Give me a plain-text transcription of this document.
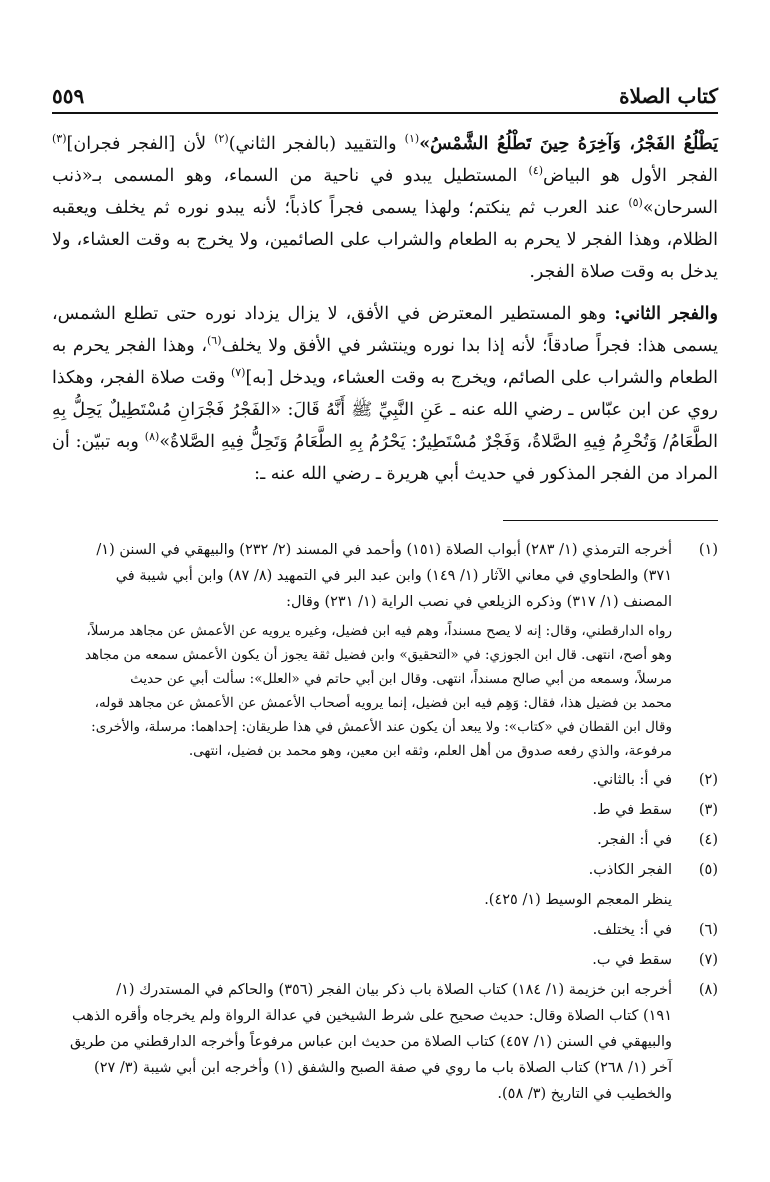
كتاب الصلاة
٥٥٩

يَطْلُعُ الفَجْرُ، وَآخِرَهُ حِينَ تَطْلُعُ الشَّمْسُ»$^{(١)}$ والتقييد (بالفجر الثاني)$^{(٢)}$ لأن [الفجر فجران]$^{(٣)}$ الفجر الأول هو البياض$^{(٤)}$ المستطيل يبدو في ناحية من السماء، وهو المسمى بـ«ذنب السرحان»$^{(٥)}$ عند العرب ثم ينكتم؛ ولهذا يسمى فجراً كاذباً؛ لأنه يبدو نوره ثم يخلف ويعقبه الظلام، وهذا الفجر لا يحرم به الطعام والشراب على الصائمين، ولا يخرج به وقت العشاء، ولا يدخل به وقت صلاة الفجر.

والفجر الثاني: وهو المستطير المعترض في الأفق، لا يزال يزداد نوره حتى تطلع الشمس، يسمى هذا: فجراً صادقاً؛ لأنه إذا بدا نوره وينتشر في الأفق ولا يخلف$^{(٦)}$، وهذا الفجر يحرم به الطعام والشراب على الصائم، ويخرج به وقت العشاء، ويدخل [به]$^{(٧)}$ وقت صلاة الفجر، وهكذا روي عن ابن عبّاس ـ رضي الله عنه ـ عَنِ النَّبِيِّ ﷺ أَنَّهُ قَالَ: «الفَجْرُ فَجْرَانِ مُسْتَطِيلٌ يَحِلُّ بِهِ الطَّعَامُ/ وَتُحْرِمُ فِيهِ الصَّلاةُ، وَفَجْرٌ مُسْتَطِيرٌ: يَحْرُمُ بِهِ الطَّعَامُ وَتَحِلُّ فِيهِ الصَّلاةُ»$^{(٨)}$ وبه تبيّن: أن المراد من الفجر المذكور في حديث أبي هريرة ـ رضي الله عنه ـ:

(١)
أخرجه الترمذي (١/ ٢٨٣) أبواب الصلاة (١٥١) وأحمد في المسند (٢/ ٢٣٢) والبيهقي في السنن (١/
٣٧١) والطحاوي في معاني الآثار (١/ ١٤٩) وابن عبد البر في التمهيد (٨/ ٨٧) وابن أبي شيبة في
المصنف (١/ ٣١٧) وذكره الزيلعي في نصب الراية (١/ ٢٣١) وقال:
رواه الدارقطني، وقال: إنه لا يصح مسنداً، وهم فيه ابن فضيل، وغيره يرويه عن الأعمش عن مجاهد مرسلاً،
وهو أصح، انتهى. قال ابن الجوزي: في «التحقيق» وابن فضيل ثقة يجوز أن يكون الأعمش سمعه من مجاهد
مرسلاً، وسمعه من أبي صالح مسنداً، انتهى. وقال ابن أبي حاتم في «العلل»: سألت أبي عن حديث
محمد بن فضيل هذا، فقال: وَهِم فيه ابن فضيل، إنما يرويه أصحاب الأعمش عن الأعمش عن مجاهد قوله،
وقال ابن القطان في «كتاب»: ولا يبعد أن يكون عند الأعمش في هذا طريقان: إحداهما: مرسلة، والأخرى:
مرفوعة، والذي رفعه صدوق من أهل العلم، وثقه ابن معين، وهو محمد بن فضيل، انتهى.
(٢)
في أ: بالثاني.
(٣)
سقط في ط.
(٤)
في أ: الفجر.
(٥)
الفجر الكاذب.
ينظر المعجم الوسيط (١/ ٤٢٥).
(٦)
في أ: يختلف.
(٧)
سقط في ب.
(٨)
أخرجه ابن خزيمة (١/ ١٨٤) كتاب الصلاة باب ذكر بيان الفجر (٣٥٦) والحاكم في المستدرك (١/
١٩١) كتاب الصلاة وقال: حديث صحيح على شرط الشيخين في عدالة الرواة ولم يخرجاه وأقره الذهب
والبيهقي في السنن (١/ ٤٥٧) كتاب الصلاة من حديث ابن عباس مرفوعاً وأخرجه الدارقطني من طريق
آخر (١/ ٢٦٨) كتاب الصلاة باب ما روي في صفة الصبح والشفق (١) وأخرجه ابن أبي شيبة (٣/ ٢٧)
والخطيب في التاريخ (٣/ ٥٨).
